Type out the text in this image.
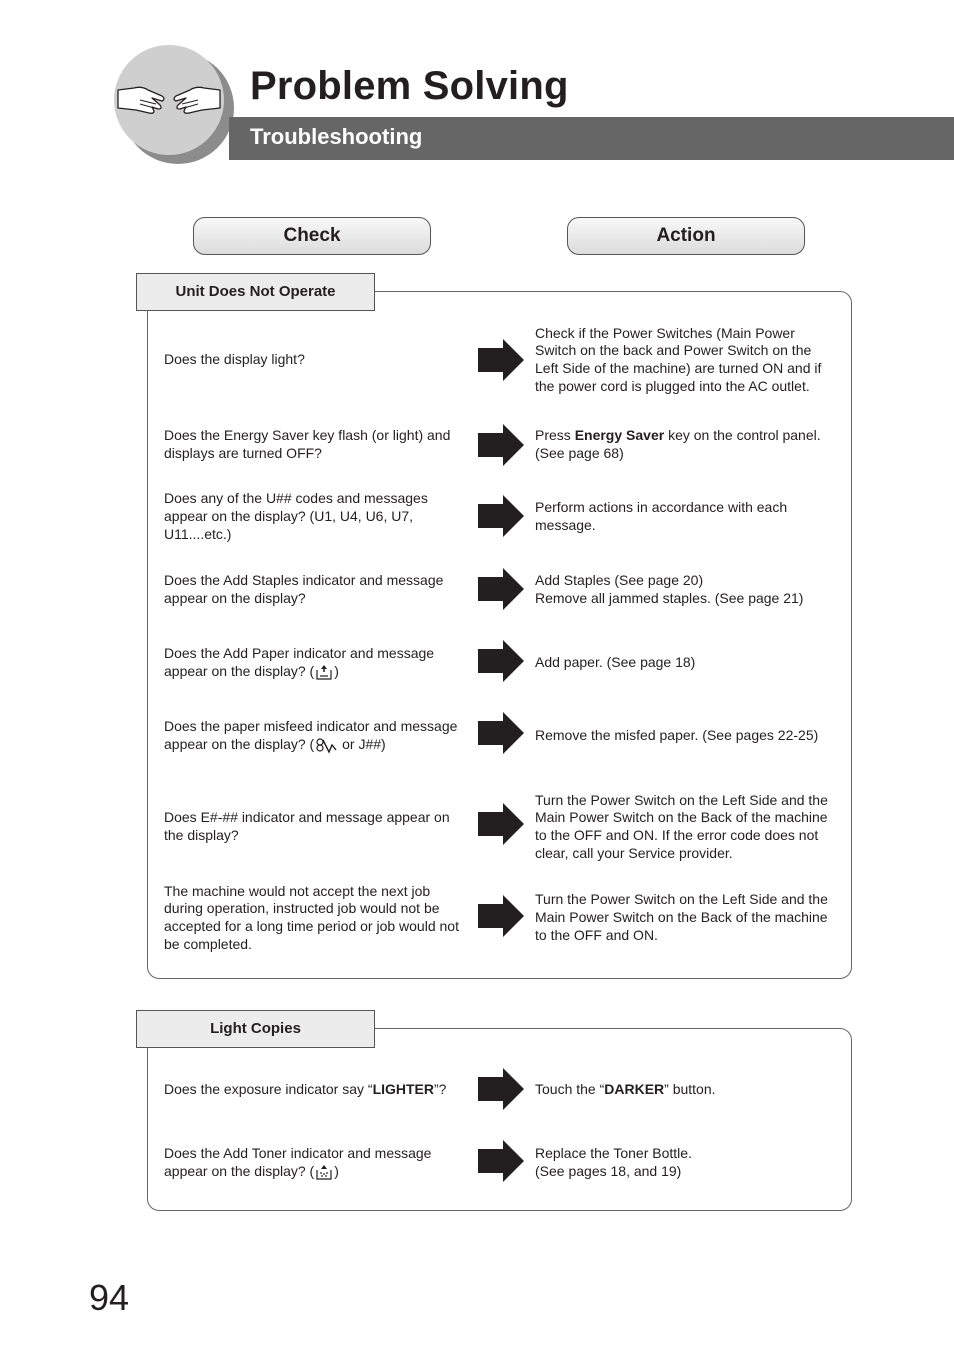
Problem Solving
Troubleshooting
Check	Action
Unit Does Not Operate
Does the display light?
Check if the Power Switches (Main Power Switch on the back and Power Switch on the Left Side of the machine) are turned ON and if the power cord is plugged into the AC outlet.
Does the Energy Saver key flash (or light) and displays are turned OFF?
Press Energy Saver key on the control panel. (See page 68)
Does any of the U## codes and messages appear on the display? (U1, U4, U6, U7, U11....etc.)
Perform actions in accordance with each message.
Does the Add Staples indicator and message appear on the display?
Add Staples (See page 20)
Remove all jammed staples. (See page 21)
Does the Add Paper indicator and message appear on the display? ( )
Add paper. (See page 18)
Does the paper misfeed indicator and message appear on the display? ( or J##)
Remove the misfed paper. (See pages 22-25)
Does E#-## indicator and message appear on the display?
Turn the Power Switch on the Left Side and the Main Power Switch on the Back of the machine to the OFF and ON. If the error code does not clear, call your Service provider.
The machine would not accept the next job during operation, instructed job would not be accepted for a long time period or job would not be completed.
Turn the Power Switch on the Left Side and the Main Power Switch on the Back of the machine to the OFF and ON.
Light Copies
Does the exposure indicator say “LIGHTER”?	Touch the “DARKER” button.
Does the Add Toner indicator and message appear on the display? ( )
Replace the Toner Bottle.
(See pages 18, and 19)
94
